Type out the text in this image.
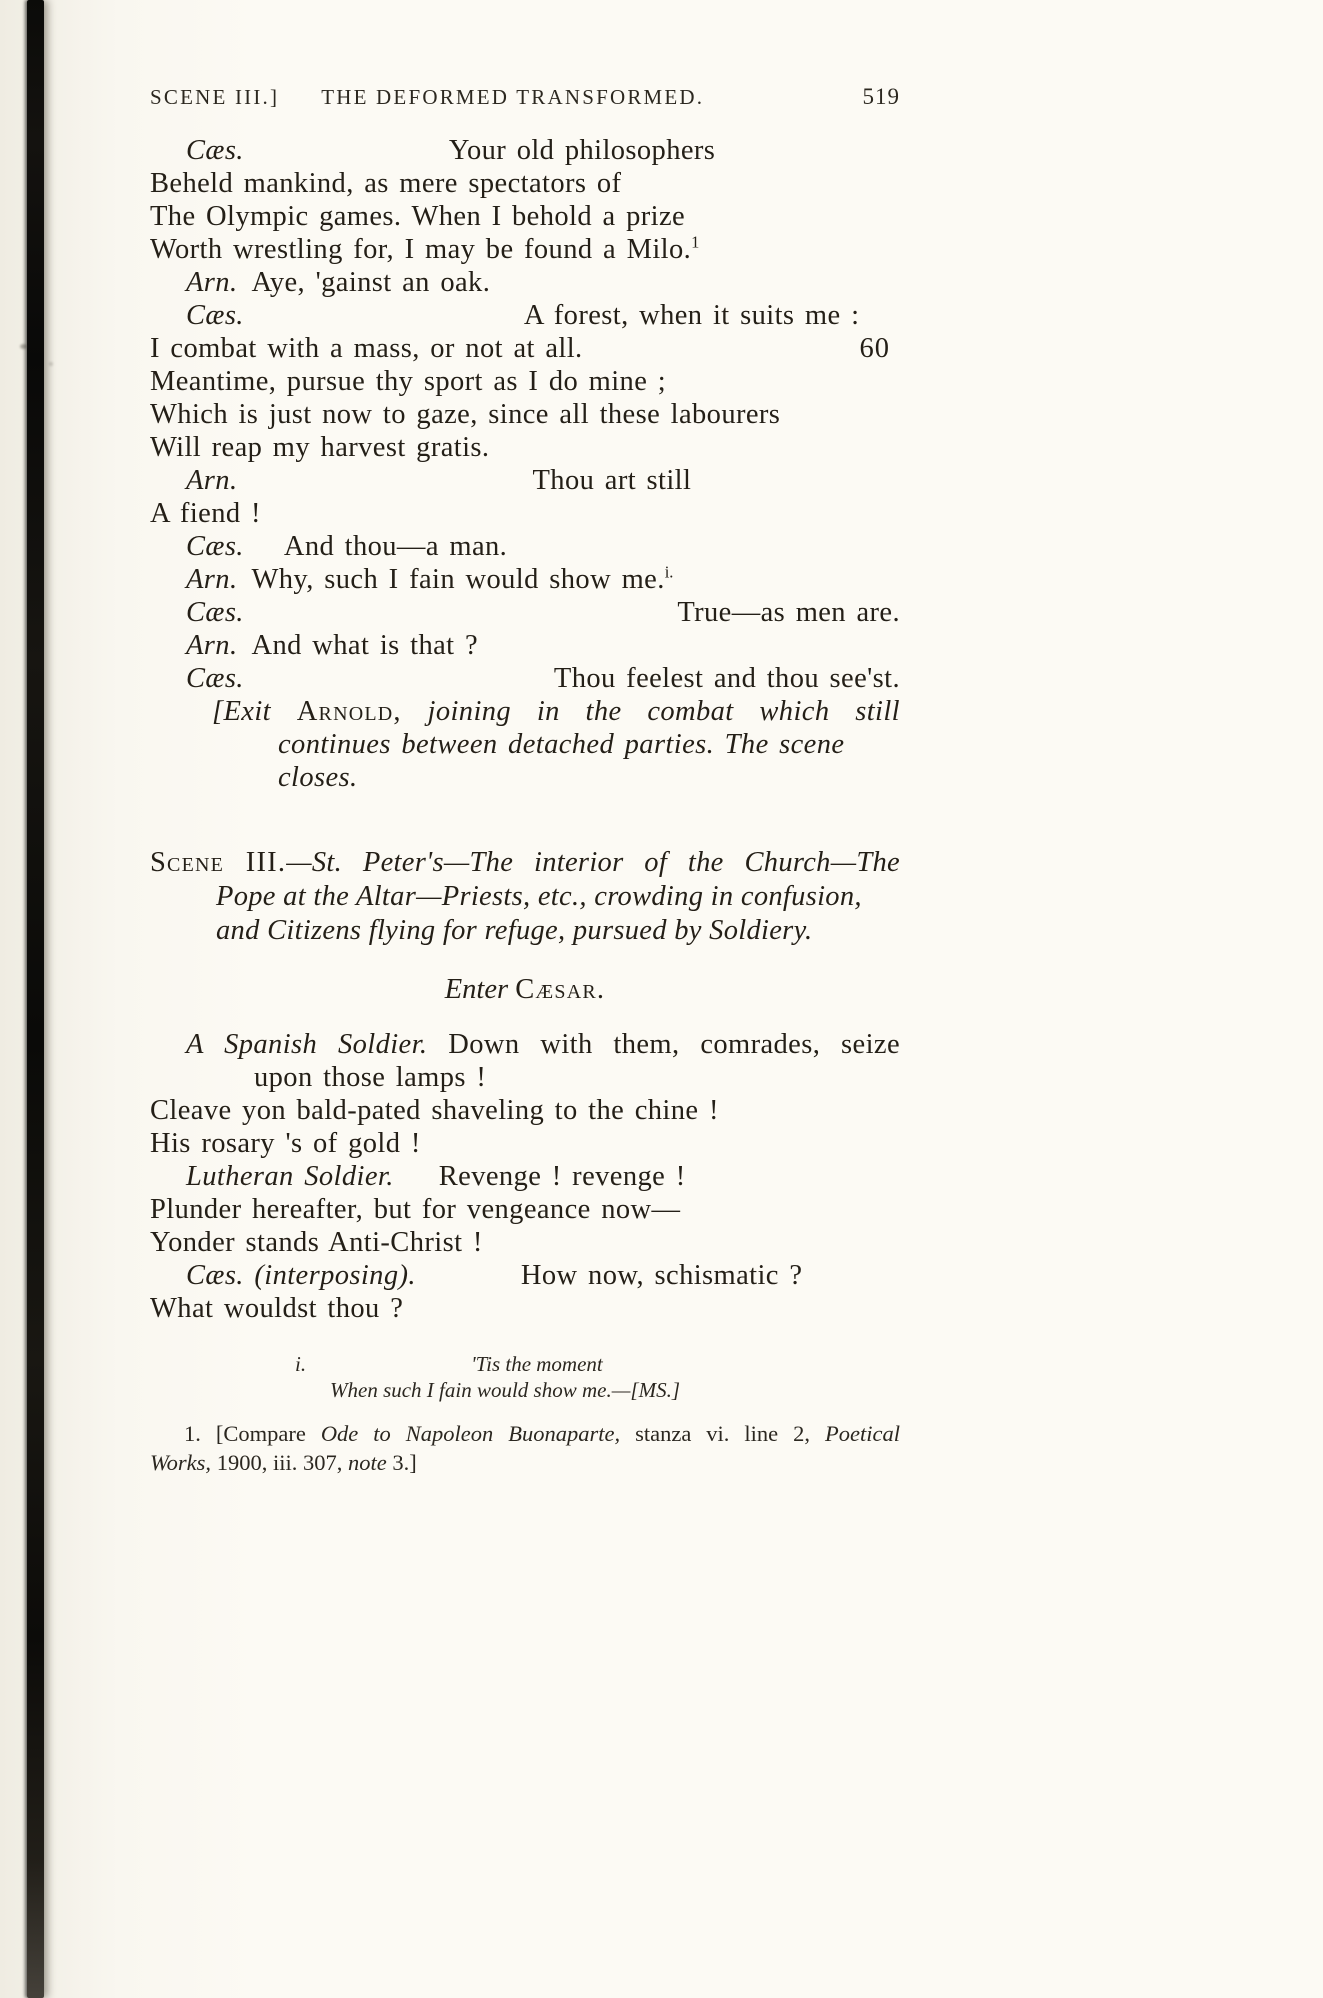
SCENE III.] THE DEFORMED TRANSFORMED.	519
Cæs.	Your old philosophers
Beheld mankind, as mere spectators of
The Olympic games. When I behold a prize
Worth wrestling for, I may be found a Milo.$^1$
Arn. Aye, 'gainst an oak.
Cæs.	A forest, when it suits me :
I combat with a mass, or not at all.	60
Meantime, pursue thy sport as I do mine ;
Which is just now to gaze, since all these labourers
Will reap my harvest gratis.
Arn.	Thou art still
A fiend !
Cæs. And thou—a man.
Arn. Why, such I fain would show me.$^{i.}$
Cæs.	True—as men are.
Arn. And what is that ?
Cæs.	Thou feelest and thou see'st.
[Exit Arnold, joining in the combat which still
continues between detached parties. The scene
closes.
Scene III.—St. Peter's—The interior of the Church—The
Pope at the Altar—Priests, etc., crowding in confusion,
and Citizens flying for refuge, pursued by Soldiery.
Enter Cæsar.
A Spanish Soldier. Down with them, comrades, seize
upon those lamps !
Cleave yon bald-pated shaveling to the chine !
His rosary 's of gold !
Lutheran Soldier. Revenge ! revenge !
Plunder hereafter, but for vengeance now—
Yonder stands Anti-Christ !
Cæs. (interposing).	How now, schismatic ?
What wouldst thou ?
i.	'Tis the moment
When such I fain would show me.—[MS.]
1. [Compare Ode to Napoleon Buonaparte, stanza vi. line 2, Poetical
Works, 1900, iii. 307, note 3.]
